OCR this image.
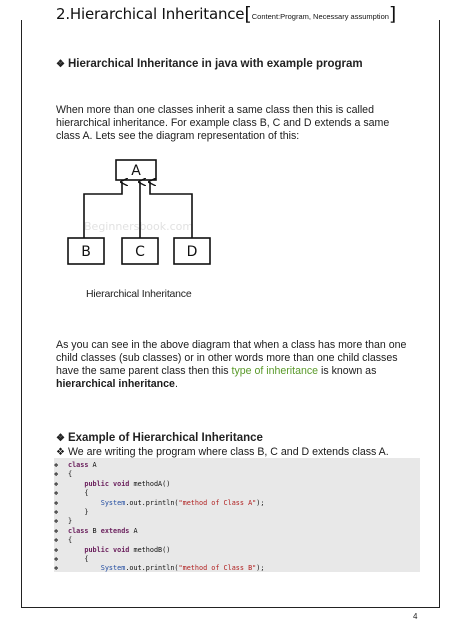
2.Hierarchical Inheritance[Content:Program, Necessary assumption]
❖ Hierarchical Inheritance in java with example program
When more than one classes inherit a same class then this is called hierarchical inheritance. For example class B, C and D extends a same class A. Lets see the diagram representation of this:
Beginnersbook.com
A
B	C	D
Hierarchical Inheritance
As you can see in the above diagram that when a class has more than one child classes (sub classes) or in other words more than one child classes have the same parent class then this type of inheritance is known as hierarchical inheritance.
❖ Example of Hierarchical Inheritance
❖ We are writing the program where class B, C and D extends class A.
❖ class A
❖ {
❖	public void methodA()
❖	{
❖	System.out.println("method of Class A");
❖	}
❖ }
❖ class B extends A
❖ {
❖	public void methodB()
❖	{
❖	System.out.println("method of Class B");
4
